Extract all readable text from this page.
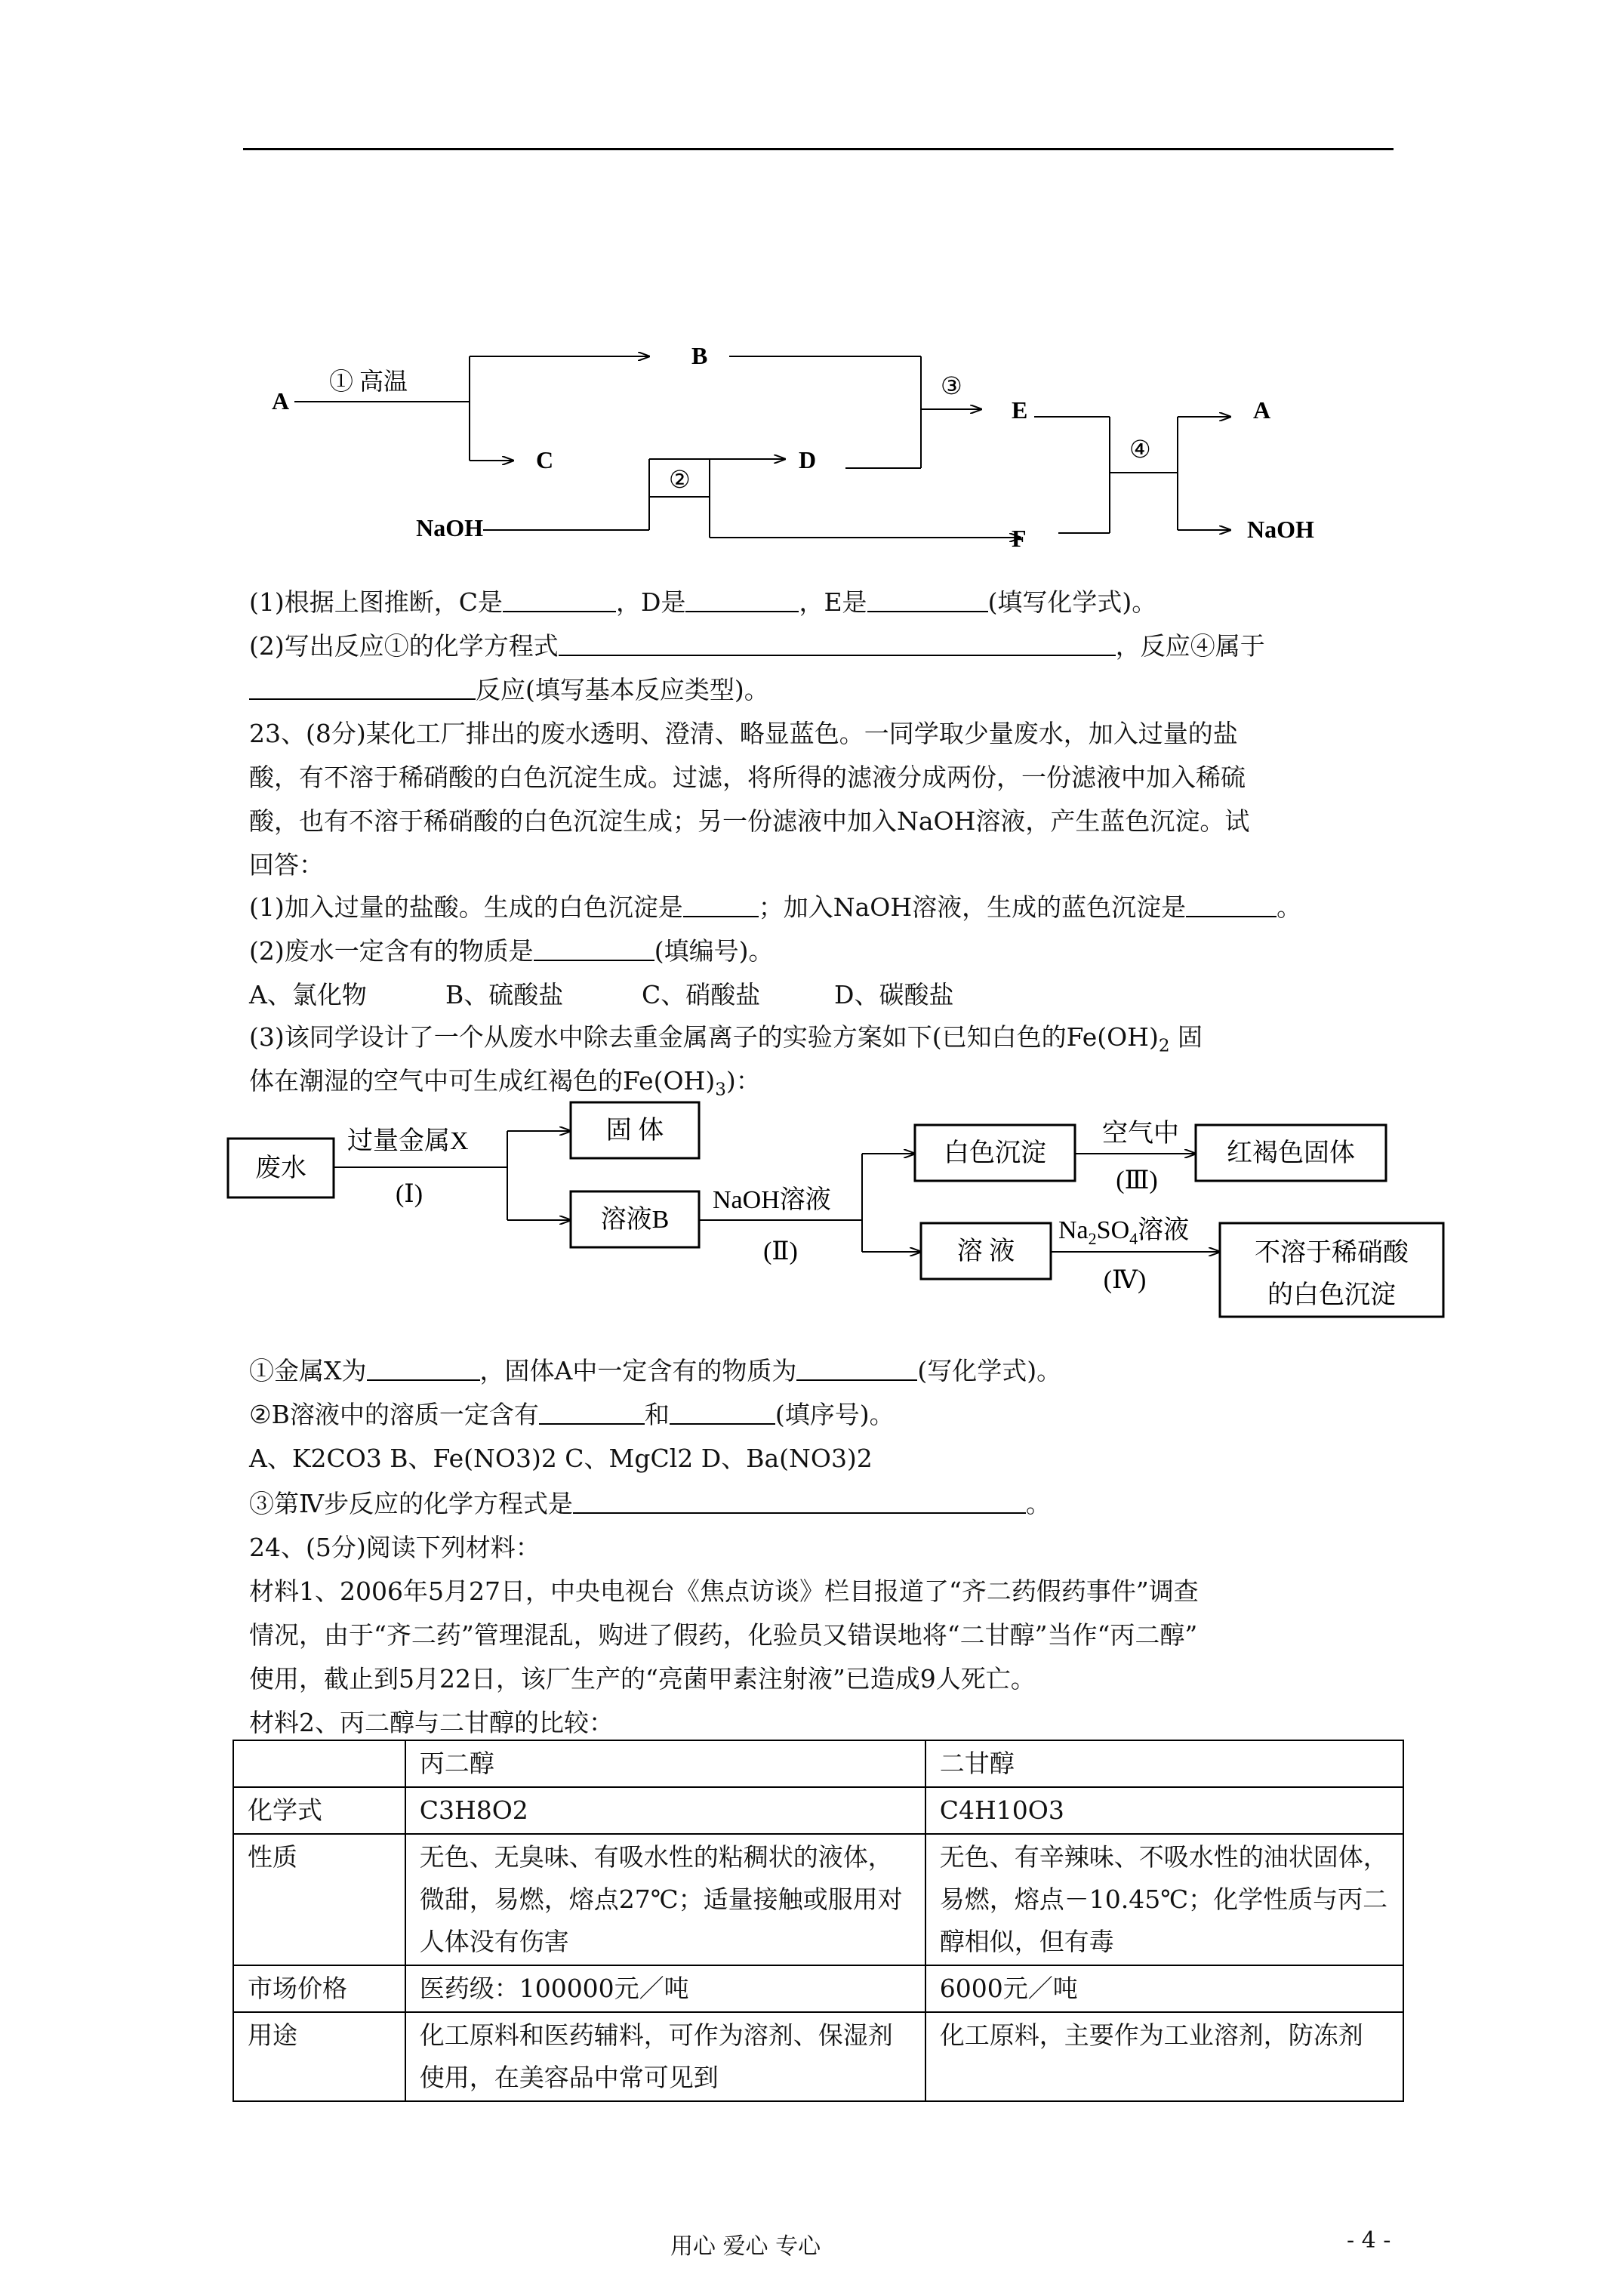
A
B
C	D
E
F
A
NaOH	NaOH
① 高温
②
③
④
(1)根据上图推断，C是	，D是	，E是	(填写化学式)。
(2)写出反应①的化学方程式	，反应④属于
反应(填写基本反应类型)。
23、(8分)某化工厂排出的废水透明、澄清、略显蓝色。一同学取少量废水，加入过量的盐
酸，有不溶于稀硝酸的白色沉淀生成。过滤，将所得的滤液分成两份，一份滤液中加入稀硫
酸，也有不溶于稀硝酸的白色沉淀生成；另一份滤液中加入NaOH溶液，产生蓝色沉淀。试
回答：
(1)加入过量的盐酸。生成的白色沉淀是	；加入NaOH溶液，生成的蓝色沉淀是	。
(2)废水一定含有的物质是	(填编号)。
A、氯化物	B、硫酸盐	C、硝酸盐	D、碳酸盐
(3)该同学设计了一个从废水中除去重金属离子的实验方案如下(已知白色的$Fe(OH)_2$ 固
体在潮湿的空气中可生成红褐色的$Fe(OH)_3$)：
废水
过量金属X
(Ⅰ)
固 体
溶液B
NaOH溶液
(Ⅱ)
白色沉淀
空气中
(Ⅲ)
红褐色固体
溶 液
$Na_2SO_4$溶液
(Ⅳ)
不溶于稀硝酸
的白色沉淀
①金属X为	，固体A中一定含有的物质为	(写化学式)。
②B溶液中的溶质一定含有	和	(填序号)。
A、K2CO3 B、Fe(NO3)2 C、MgCl2 D、Ba(NO3)2
③第Ⅳ步反应的化学方程式是	。
24、(5分)阅读下列材料：
材料1、2006年5月27日，中央电视台《焦点访谈》栏目报道了“齐二药假药事件”调查
情况，由于“齐二药”管理混乱，购进了假药，化验员又错误地将“二甘醇”当作“丙二醇”
使用，截止到5月22日，该厂生产的“亮菌甲素注射液”已造成9人死亡。
材料2、丙二醇与二甘醇的比较：
	丙二醇	二甘醇
化学式	C3H8O2	C4H10O3
性质	无色、无臭味、有吸水性的粘稠状的液体，微甜，易燃，熔点27℃；适量接触或服用对人体没有伤害	无色、有辛辣味、不吸水性的油状固体，易燃，熔点－10.45℃；化学性质与丙二醇相似，但有毒
市场价格	医药级：100000元／吨	6000元／吨
用途	化工原料和医药辅料，可作为溶剂、保湿剂使用，在美容品中常可见到	化工原料，主要作为工业溶剂，防冻剂
用心 爱心 专心	- 4 -
